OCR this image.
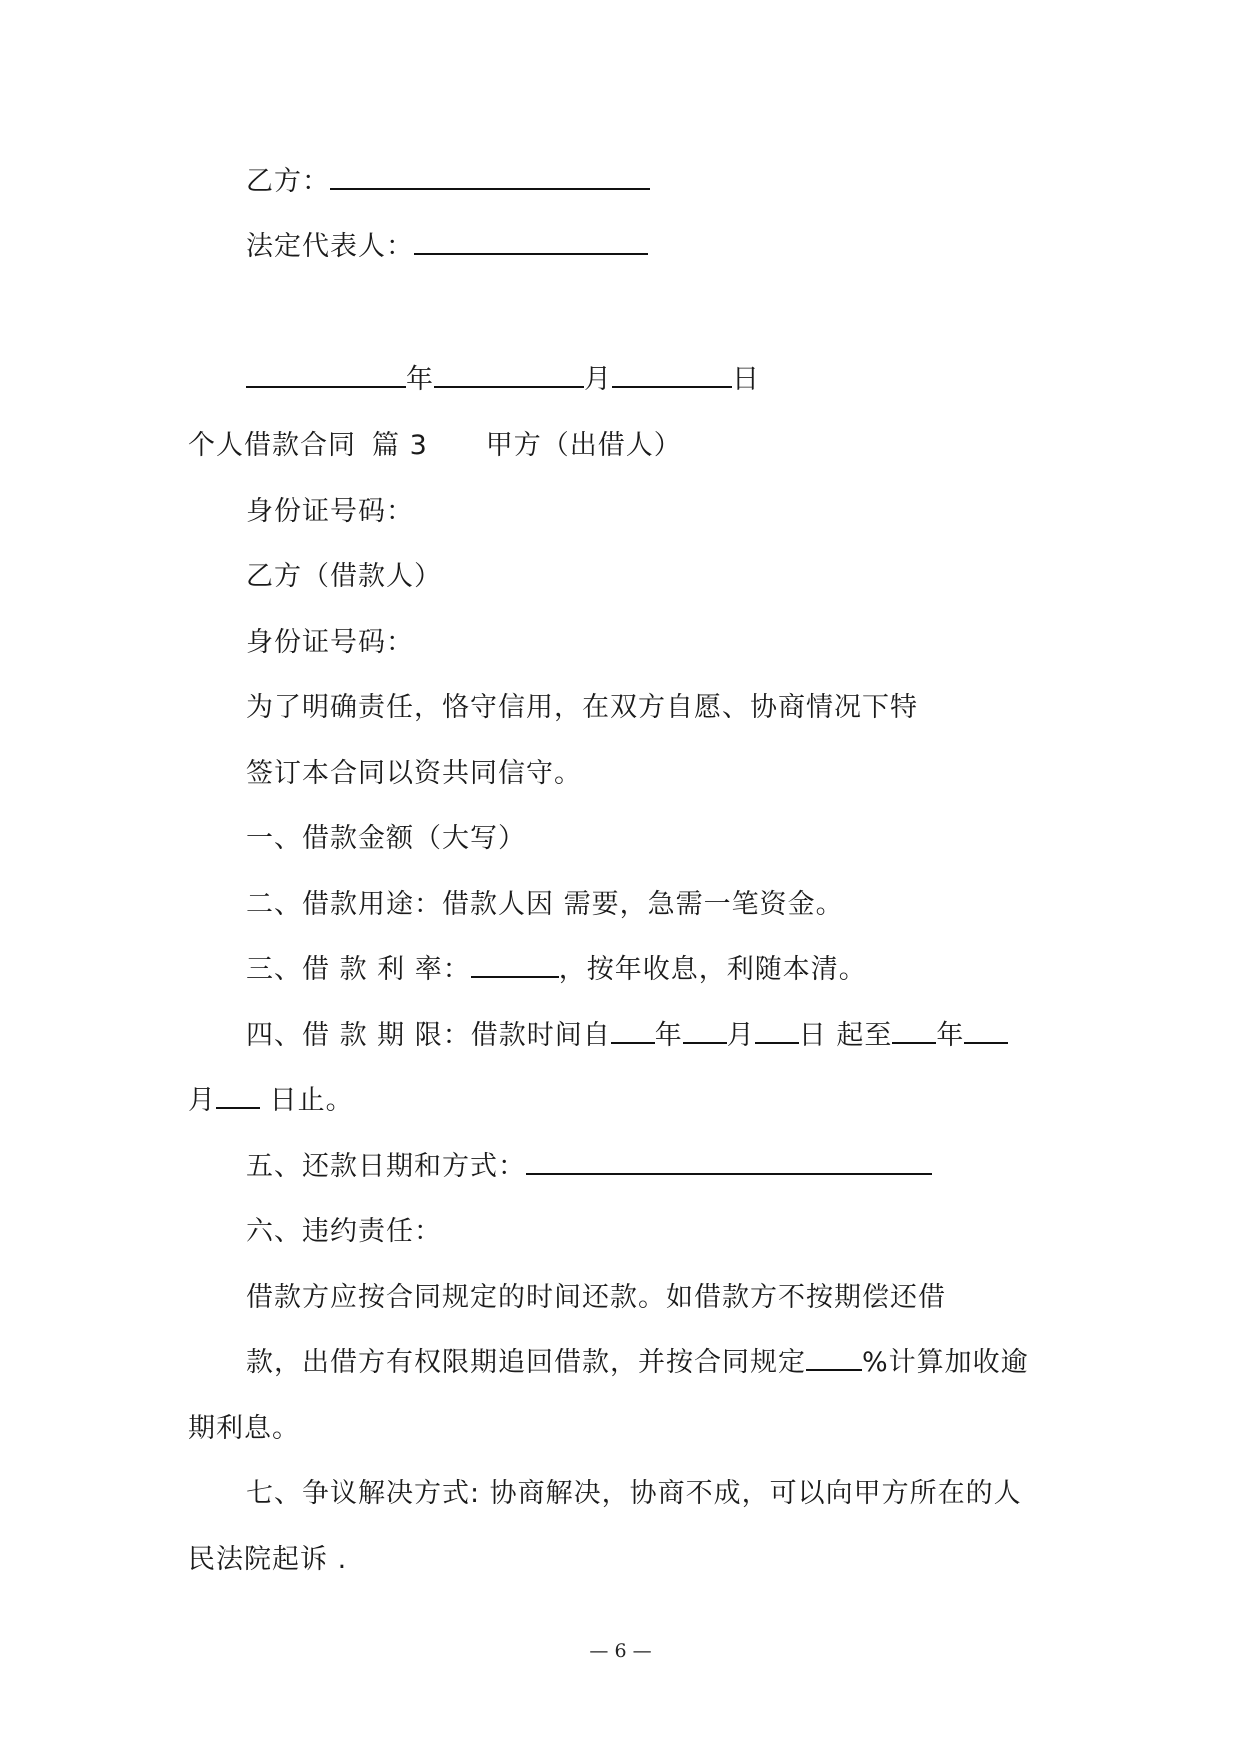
乙方：
法定代表人：
年	月	日
个人借款合同 篇 3 甲方（出借人）
身份证号码：
乙方（借款人）
身份证号码：
为了明确责任，恪守信用，在双方自愿、协商情况下特
签订本合同以资共同信守。
一、借款金额（大写）
二、借款用途：借款人因 需要，急需一笔资金。
三、借 款 利 率：	，按年收息，利随本清。
四、借 款 期 限：借款时间自 年 月 日 起至 年
月 日止。
五、还款日期和方式：
六、违约责任：
借款方应按合同规定的时间还款。如借款方不按期偿还借
款，出借方有权限期追回借款，并按合同规定 %计算加收逾
期利息。
七、争议解决方式: 协商解决，协商不成，可以向甲方所在的人
民法院起诉 .
— 6 —
